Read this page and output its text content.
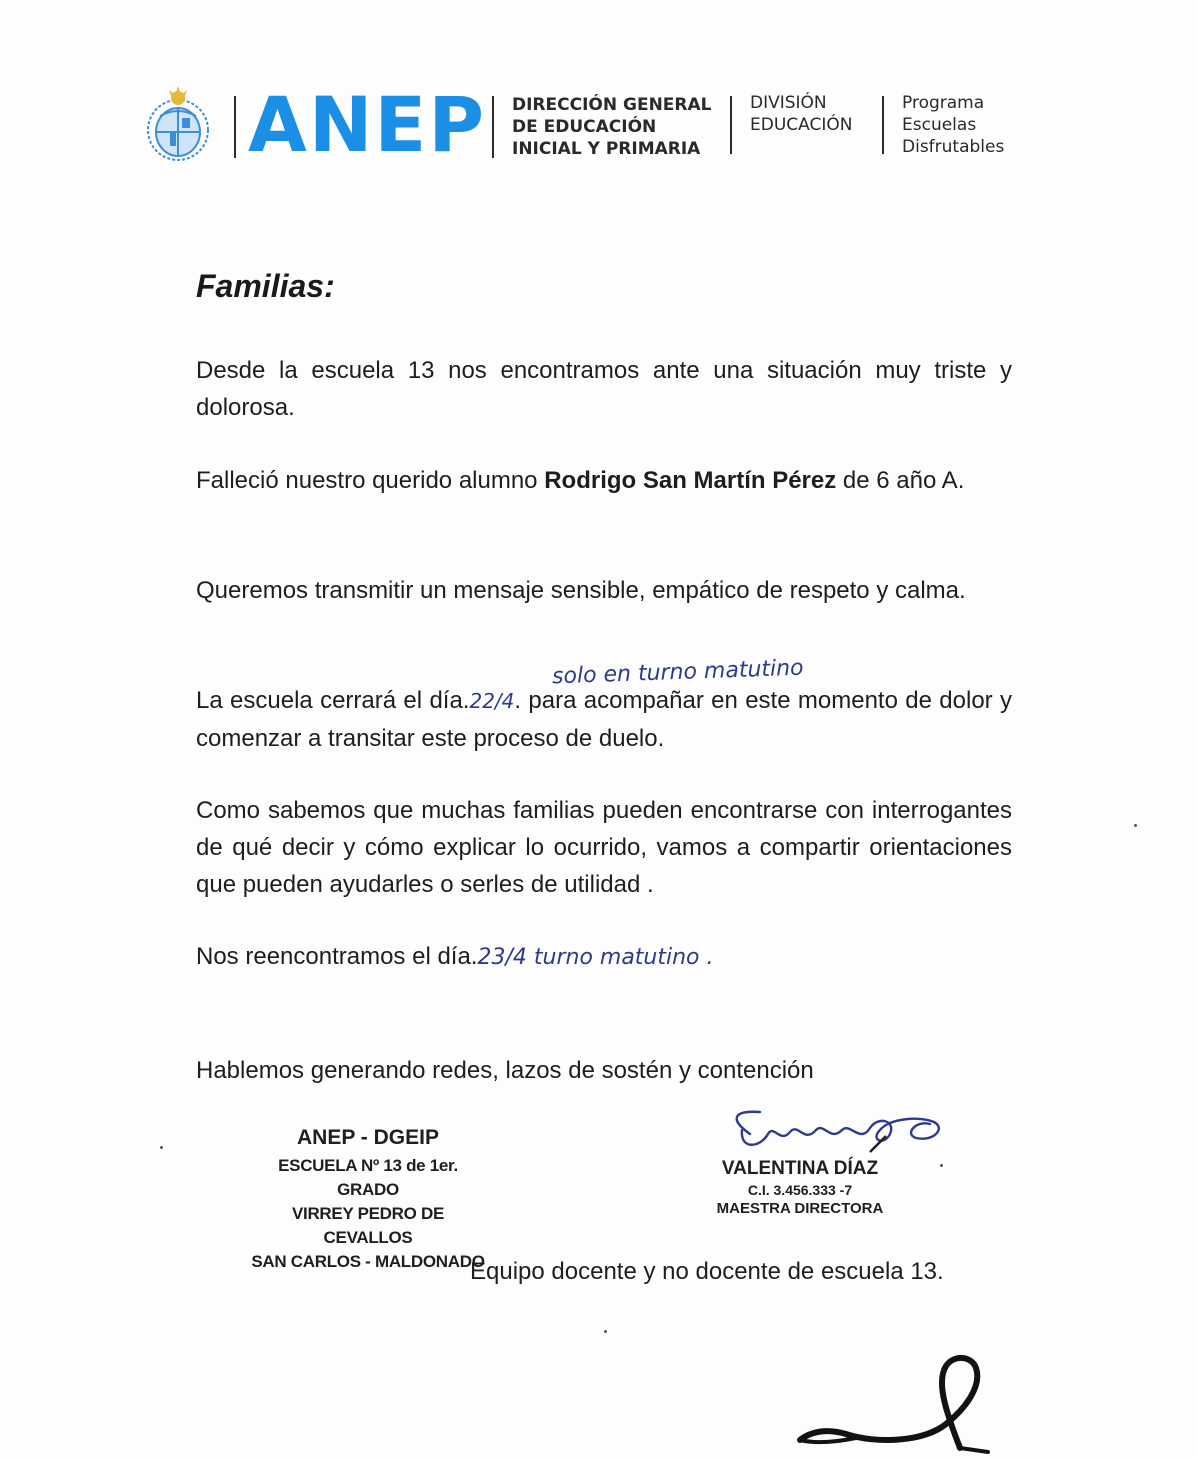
ANEP DIRECCIÓN GENERAL
DE EDUCACIÓN
INICIAL Y PRIMARIA
DIVISIÓN
EDUCACIÓN
Programa
Escuelas
Disfrutables
Familias:
Desde la escuela 13 nos encontramos ante una situación muy triste y dolorosa.
Falleció nuestro querido alumno Rodrigo San Martín Pérez de 6 año A.
Queremos transmitir un mensaje sensible, empático de respeto y calma.
solo en turno matutino
La escuela cerrará el día.22/4. para acompañar en este momento de dolor y comenzar a transitar este proceso de duelo.
Como sabemos que muchas familias pueden encontrarse con interrogantes de qué decir y cómo explicar lo ocurrido, vamos a compartir orientaciones que pueden ayudarles o serles de utilidad .
Nos reencontramos el día.23/4 turno matutino .
Hablemos generando redes, lazos de sostén y contención
ANEP - DGEIP
ESCUELA Nº 13 de 1er. GRADO
VIRREY PEDRO DE CEVALLOS
SAN CARLOS - MALDONADO
VALENTINA DÍAZ
C.I. 3.456.333 -7
MAESTRA DIRECTORA
Equipo docente y no docente de escuela 13.
